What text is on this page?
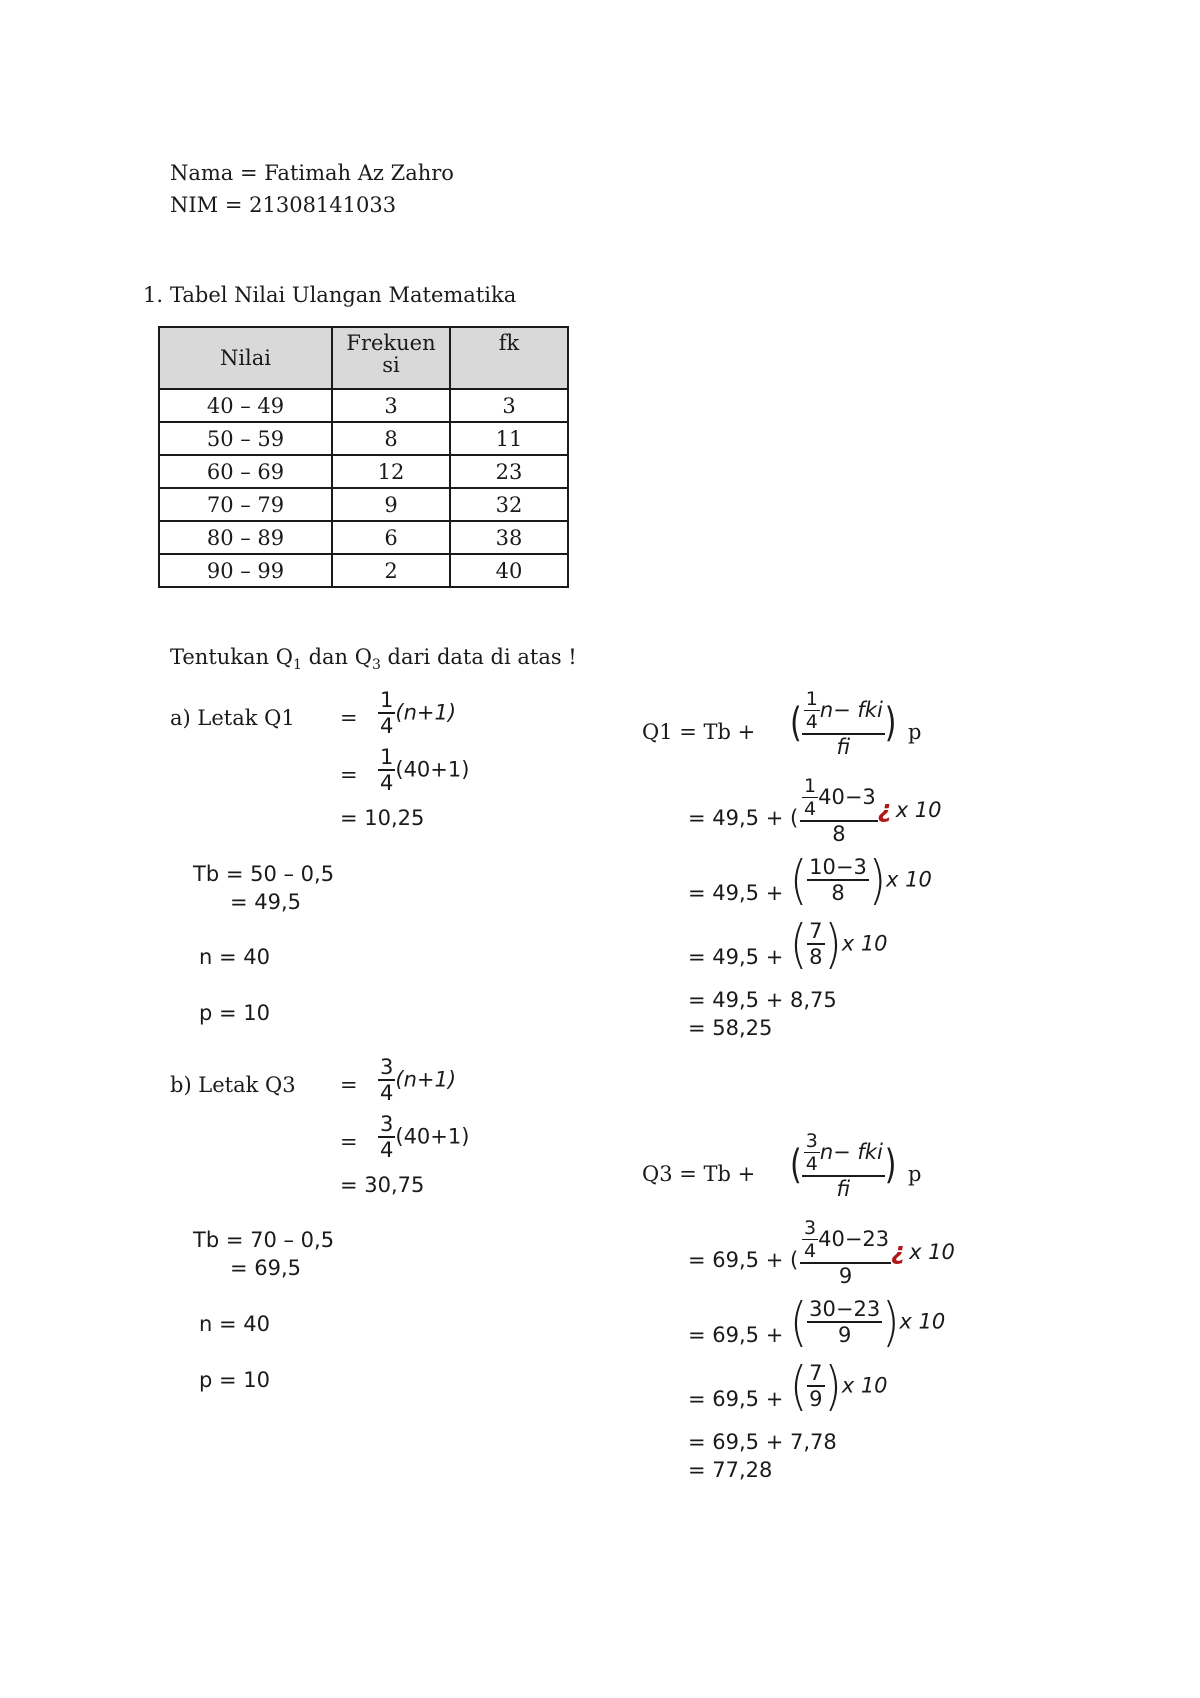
Nama = Fatimah Az Zahro
NIM = 21308141033
1. Tabel Nilai Ulangan Matematika
Nilai	Frekuensi	fk
40 – 49	3	3
50 – 59	8	11
60 – 69	12	23
70 – 79	9	32
80 – 89	6	38
90 – 99	2	40
Tentukan $Q_1$ dan $Q_3$ dari data di atas !
a) Letak $Q1 = \frac{1}{4} (n+1)$
= $\frac{1}{4} (40+1)$
= 10,25
Tb = 50 – 0,5
= 49,5
n = 40
p = 10
b) Letak $Q3 = \frac{3}{4} (n+1)$
= $\frac{3}{4} (40+1)$
= 30,75
Tb = 70 – 0,5
= 69,5
n = 40
p = 10
Q1 = Tb + ( $\frac{\frac{1}{4} n- fki}{fi}$ ) p
= 49,5 + ( $\frac{\frac{1}{4} 40-3}{8}$ ¿ x 10
= 49,5 + ( $\frac{10-3}{8} )x$ 10
= 49,5 + ( $\frac{7}{8} )x$ 10
= 49,5 + 8,75
= 58,25
Q3 = Tb + ( $\frac{\frac{3}{4} n- fki}{fi}$ ) p
= 69,5 + ( $\frac{\frac{3}{4} 40-23}{9}$ ¿ x 10
= 69,5 + ( $\frac{30-23}{9} )x$ 10
= 69,5 + ( $\frac{7}{9} )x$ 10
= 69,5 + 7,78
= 77,28
